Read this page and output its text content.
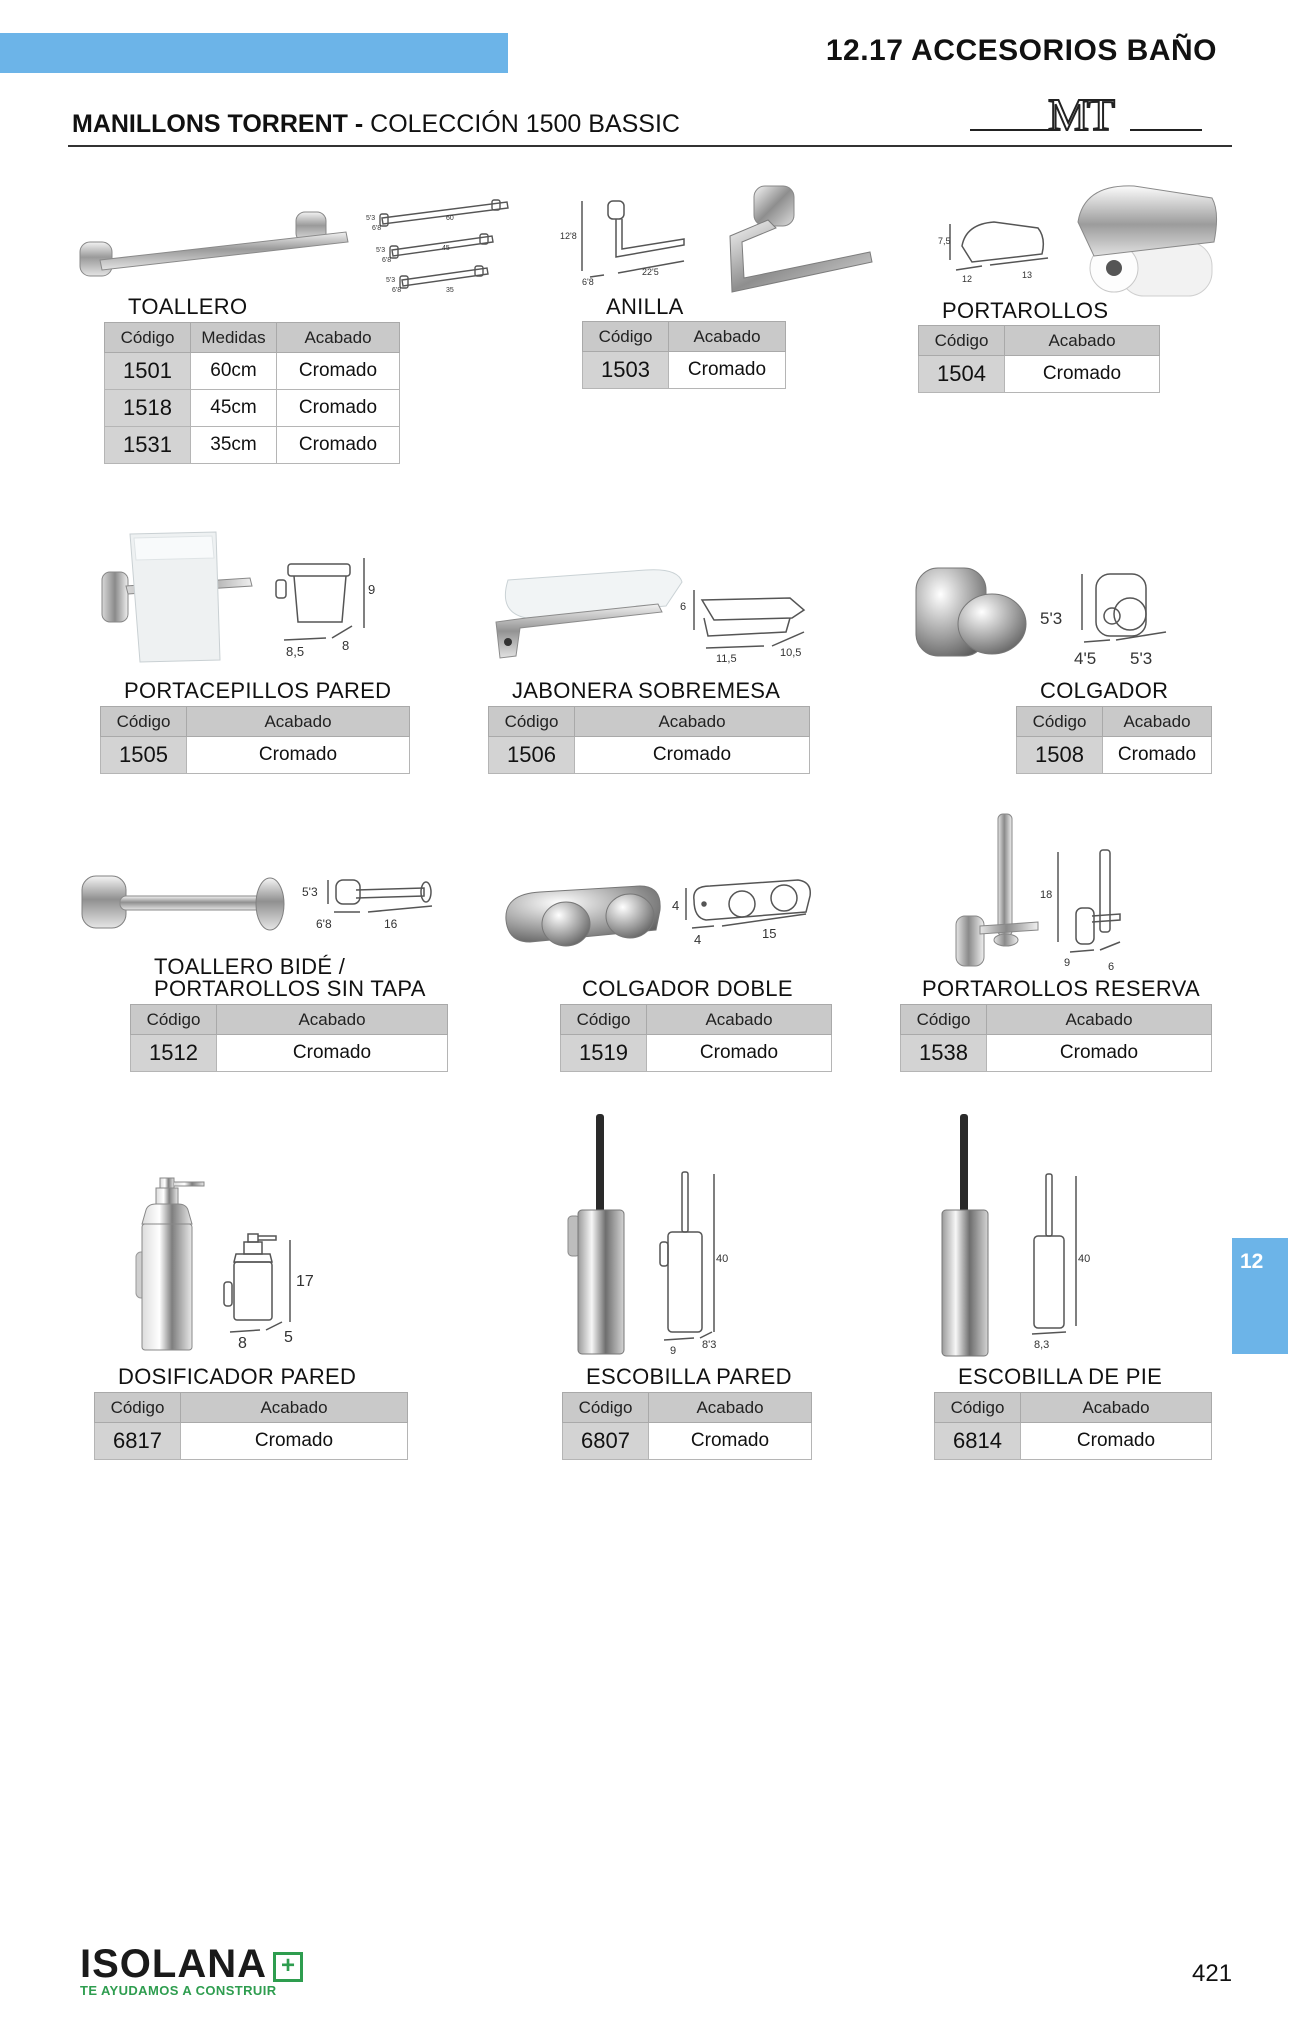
12.17 ACCESORIOS BAÑO
MANILLONS TORRENT - COLECCIÓN 1500 BASSIC	MT
5'3
6'8
60
5'3
6'8
45
5'3
6'8	35
TOALLERO
Código	Medidas	Acabado
1501	60cm	Cromado
1518	45cm	Cromado
1531	35cm	Cromado
12'8
6'8
22'5
ANILLA
Código	Acabado
1503	Cromado
7,5
12	13
PORTAROLLOS
Código	Acabado
1504	Cromado
9
8,5	8
PORTACEPILLOS PARED
Código	Acabado
1505	Cromado
6
11,5	10,5
JABONERA SOBREMESA
Código	Acabado
1506	Cromado
5'3
4'5 5'3
COLGADOR
Código	Acabado
1508	Cromado
5'3
6'8	16
TOALLERO BIDÉ /
PORTAROLLOS SIN TAPA
Código	Acabado
1512	Cromado
4
4	15
COLGADOR DOBLE
Código	Acabado
1519	Cromado
18
9	6
PORTAROLLOS RESERVA
Código	Acabado
1538	Cromado
17
8 5
DOSIFICADOR PARED
Código	Acabado
6817	Cromado
40
9 8'3
ESCOBILLA PARED
Código	Acabado
6807	Cromado
40
8,3
ESCOBILLA DE PIE
Código	Acabado
6814	Cromado
12
ISOLANA +
TE AYUDAMOS A CONSTRUIR
421
